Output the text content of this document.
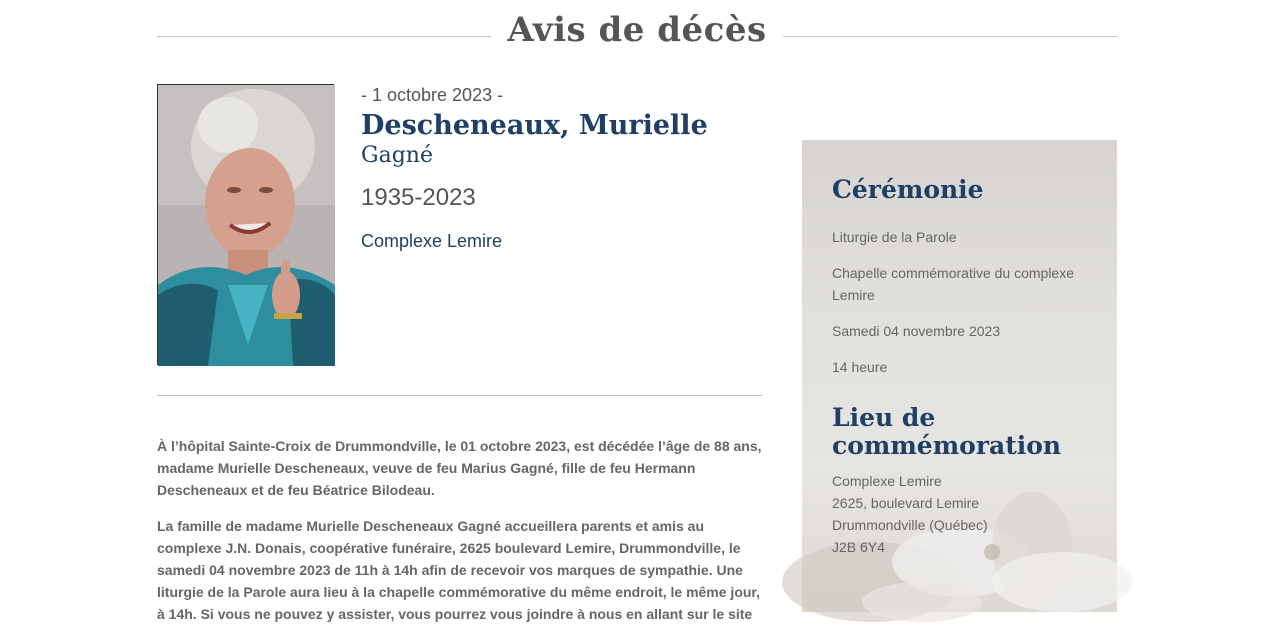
Avis de décès
- 1 octobre 2023 -
Descheneaux, Murielle
Gagné
1935-2023
Complexe Lemire

À l’hôpital Sainte-Croix de Drummondville, le 01 octobre 2023, est décédée l’âge de 88 ans, madame Murielle Descheneaux, veuve de feu Marius Gagné, fille de feu Hermann Descheneaux et de feu Béatrice Bilodeau.

La famille de madame Murielle Descheneaux Gagné accueillera parents et amis au complexe J.N. Donais, coopérative funéraire, 2625 boulevard Lemire, Drummondville, le samedi 04 novembre 2023 de 11h à 14h afin de recevoir vos marques de sympathie. Une liturgie de la Parole aura lieu à la chapelle commémorative du même endroit, le même jour, à 14h. Si vous ne pouvez y assister, vous pourrez vous joindre à nous en allant sur le site

Cérémonie
Liturgie de la Parole
Chapelle commémorative du complexe Lemire
Samedi 04 novembre 2023
14 heure
Lieu de commémoration
Complexe Lemire
2625, boulevard Lemire
Drummondville (Québec)
J2B 6Y4
